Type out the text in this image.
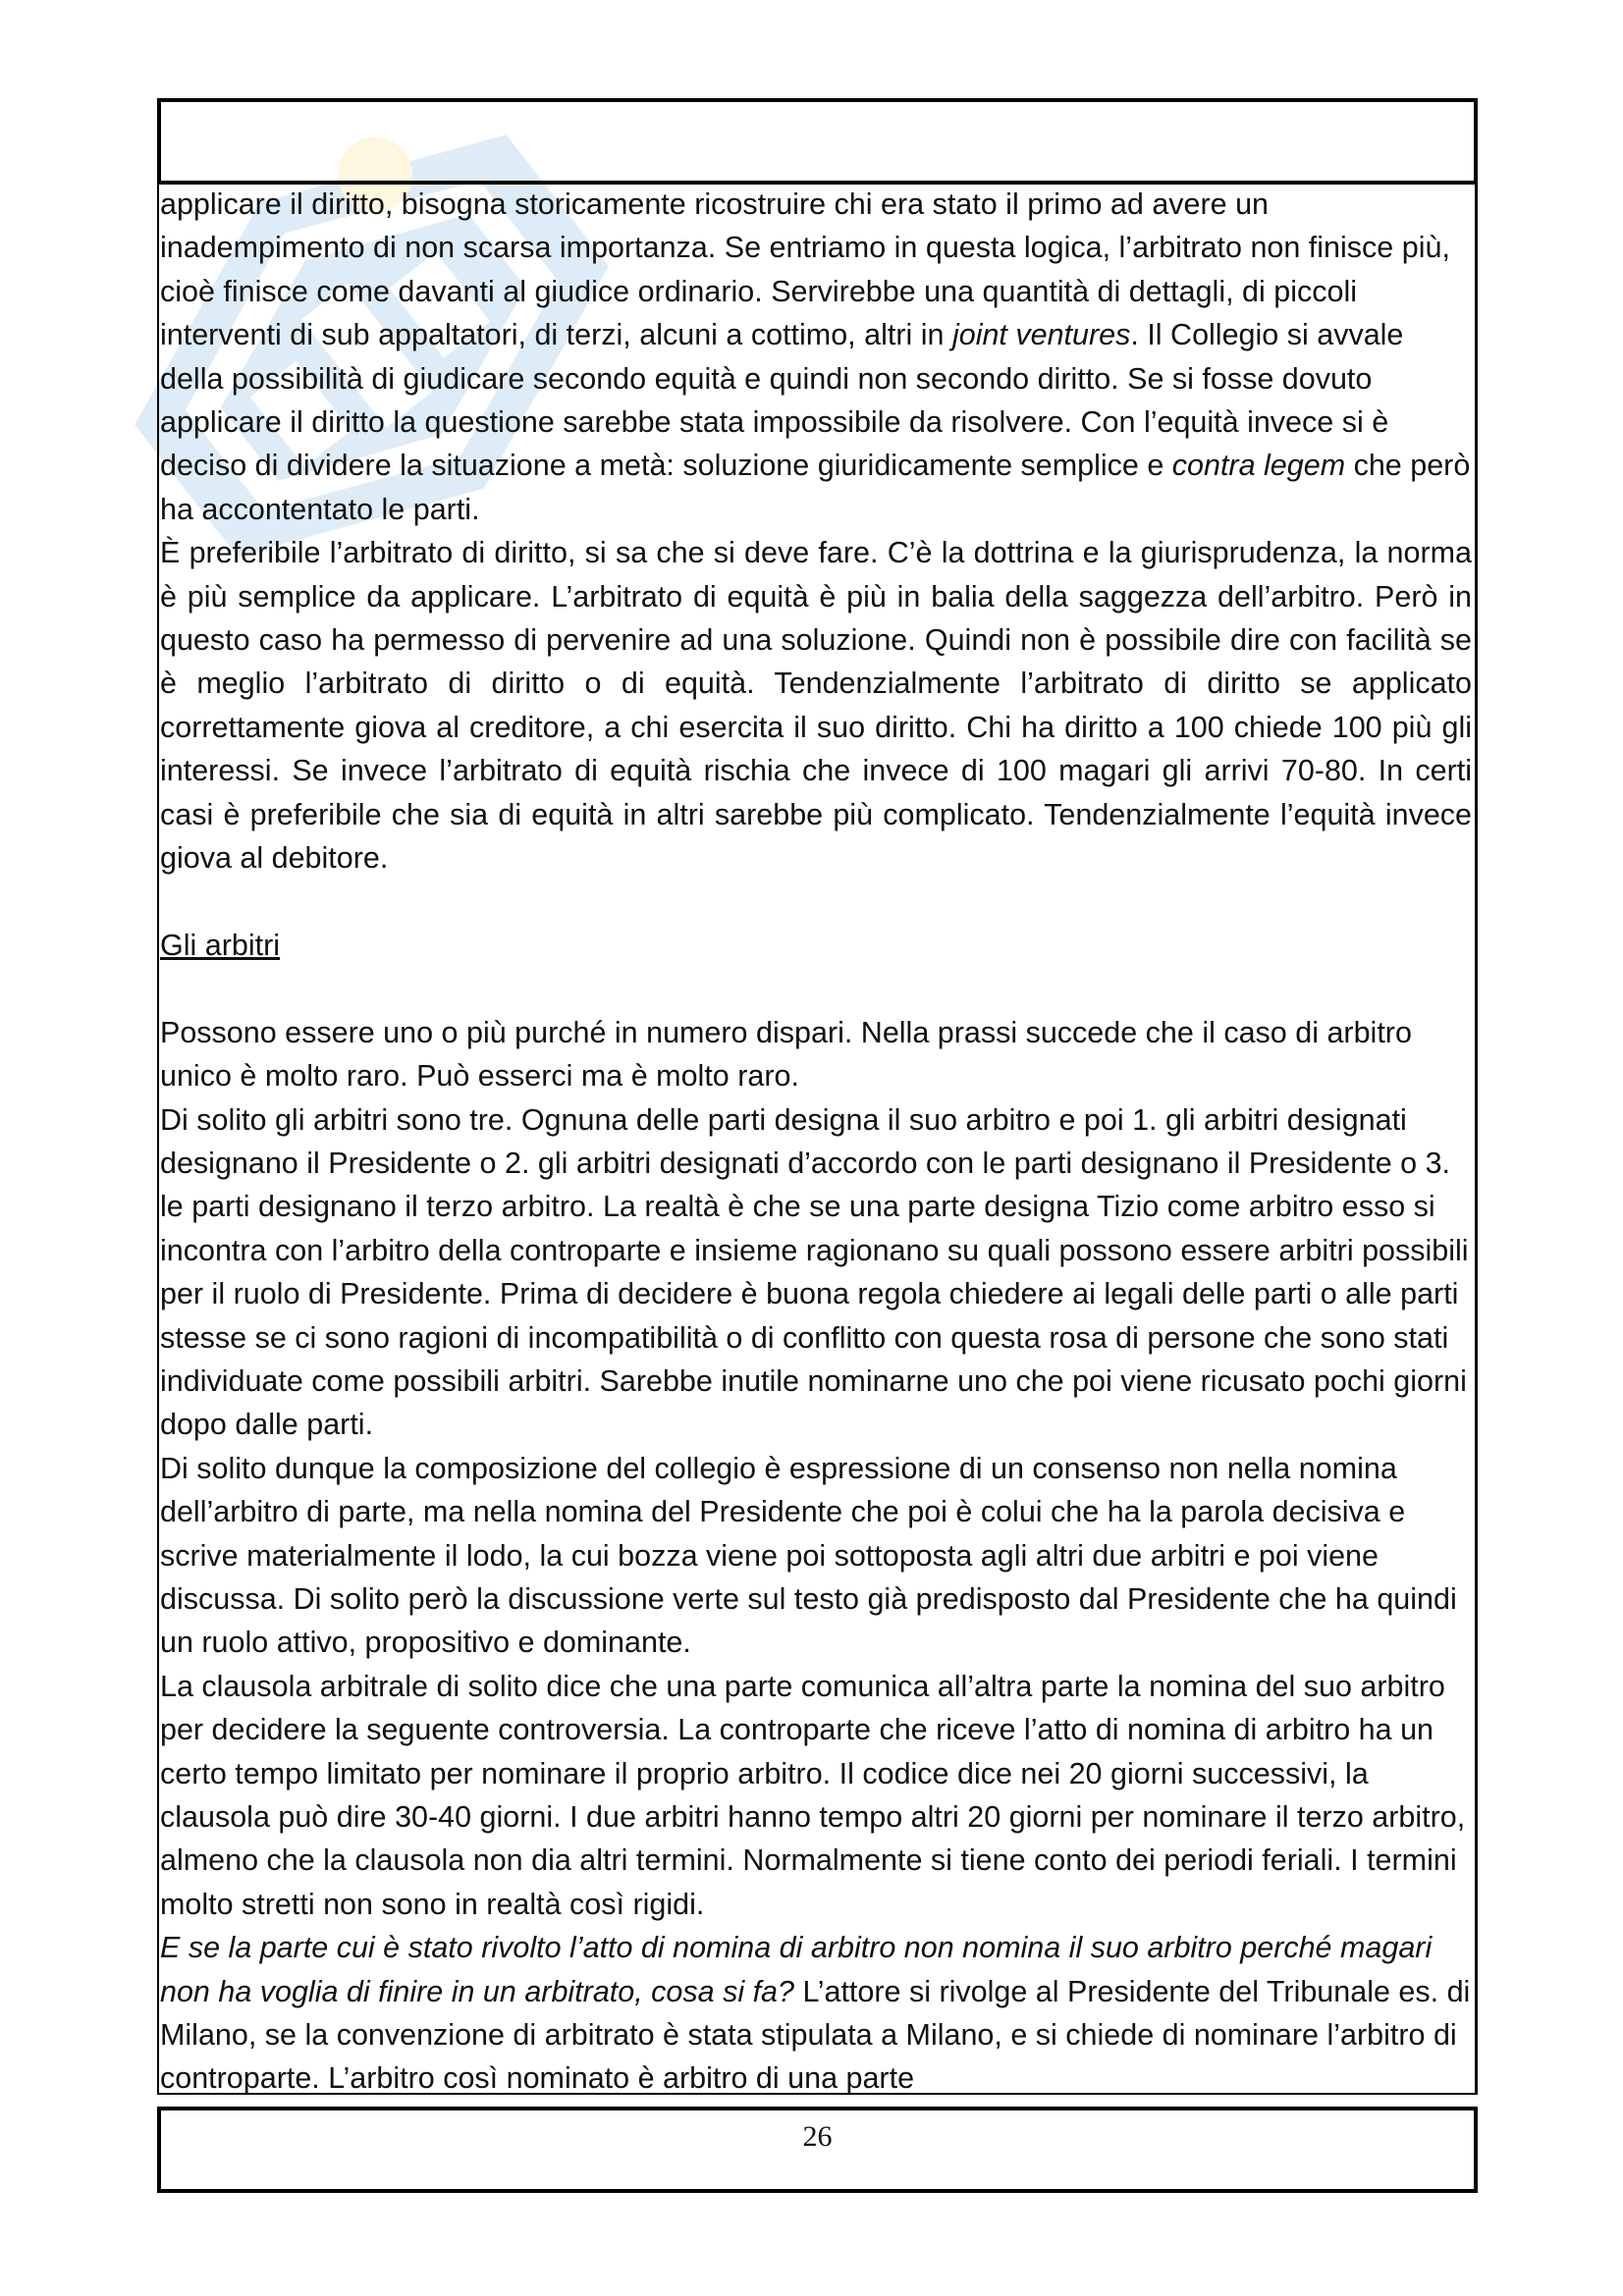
applicare il diritto, bisogna storicamente ricostruire chi era stato il primo ad avere un inadempimento di non scarsa importanza. Se entriamo in questa logica, l’arbitrato non finisce più, cioè finisce come davanti al giudice ordinario. Servirebbe una quantità di dettagli, di piccoli interventi di sub appaltatori, di terzi, alcuni a cottimo, altri in joint ventures. Il Collegio si avvale della possibilità di giudicare secondo equità e quindi non secondo diritto. Se si fosse dovuto applicare il diritto la questione sarebbe stata impossibile da risolvere. Con l’equità invece si è deciso di dividere la situazione a metà: soluzione giuridicamente semplice e contra legem che però ha accontentato le parti.

È preferibile l’arbitrato di diritto, si sa che si deve fare. C’è la dottrina e la giurisprudenza, la norma è più semplice da applicare. L’arbitrato di equità è più in balia della saggezza dell’arbitro. Però in questo caso ha permesso di pervenire ad una soluzione. Quindi non è possibile dire con facilità se è meglio l’arbitrato di diritto o di equità. Tendenzialmente l’arbitrato di diritto se applicato correttamente giova al creditore, a chi esercita il suo diritto. Chi ha diritto a 100 chiede 100 più gli interessi. Se invece l’arbitrato di equità rischia che invece di 100 magari gli arrivi 70-80. In certi casi è preferibile che sia di equità in altri sarebbe più complicato. Tendenzialmente l’equità invece giova al debitore.

Gli arbitri

Possono essere uno o più purché in numero dispari. Nella prassi succede che il caso di arbitro unico è molto raro. Può esserci ma è molto raro.

Di solito gli arbitri sono tre. Ognuna delle parti designa il suo arbitro e poi 1. gli arbitri designati designano il Presidente o 2. gli arbitri designati d’accordo con le parti designano il Presidente o 3. le parti designano il terzo arbitro. La realtà è che se una parte designa Tizio come arbitro esso si incontra con l’arbitro della controparte e insieme ragionano su quali possono essere arbitri possibili per il ruolo di Presidente. Prima di decidere è buona regola chiedere ai legali delle parti o alle parti stesse se ci sono ragioni di incompatibilità o di conflitto con questa rosa di persone che sono stati individuate come possibili arbitri. Sarebbe inutile nominarne uno che poi viene ricusato pochi giorni dopo dalle parti.

Di solito dunque la composizione del collegio è espressione di un consenso non nella nomina dell’arbitro di parte, ma nella nomina del Presidente che poi è colui che ha la parola decisiva e scrive materialmente il lodo, la cui bozza viene poi sottoposta agli altri due arbitri e poi viene discussa. Di solito però la discussione verte sul testo già predisposto dal Presidente che ha quindi un ruolo attivo, propositivo e dominante.

La clausola arbitrale di solito dice che una parte comunica all’altra parte la nomina del suo arbitro per decidere la seguente controversia. La controparte che riceve l’atto di nomina di arbitro ha un certo tempo limitato per nominare il proprio arbitro. Il codice dice nei 20 giorni successivi, la clausola può dire 30-40 giorni. I due arbitri hanno tempo altri 20 giorni per nominare il terzo arbitro, almeno che la clausola non dia altri termini. Normalmente si tiene conto dei periodi feriali. I termini molto stretti non sono in realtà così rigidi.

E se la parte cui è stato rivolto l’atto di nomina di arbitro non nomina il suo arbitro perché magari non ha voglia di finire in un arbitrato, cosa si fa? L’attore si rivolge al Presidente del Tribunale es. di Milano, se la convenzione di arbitrato è stata stipulata a Milano, e si chiede di nominare l’arbitro di controparte. L’arbitro così nominato è arbitro di una parte

26
